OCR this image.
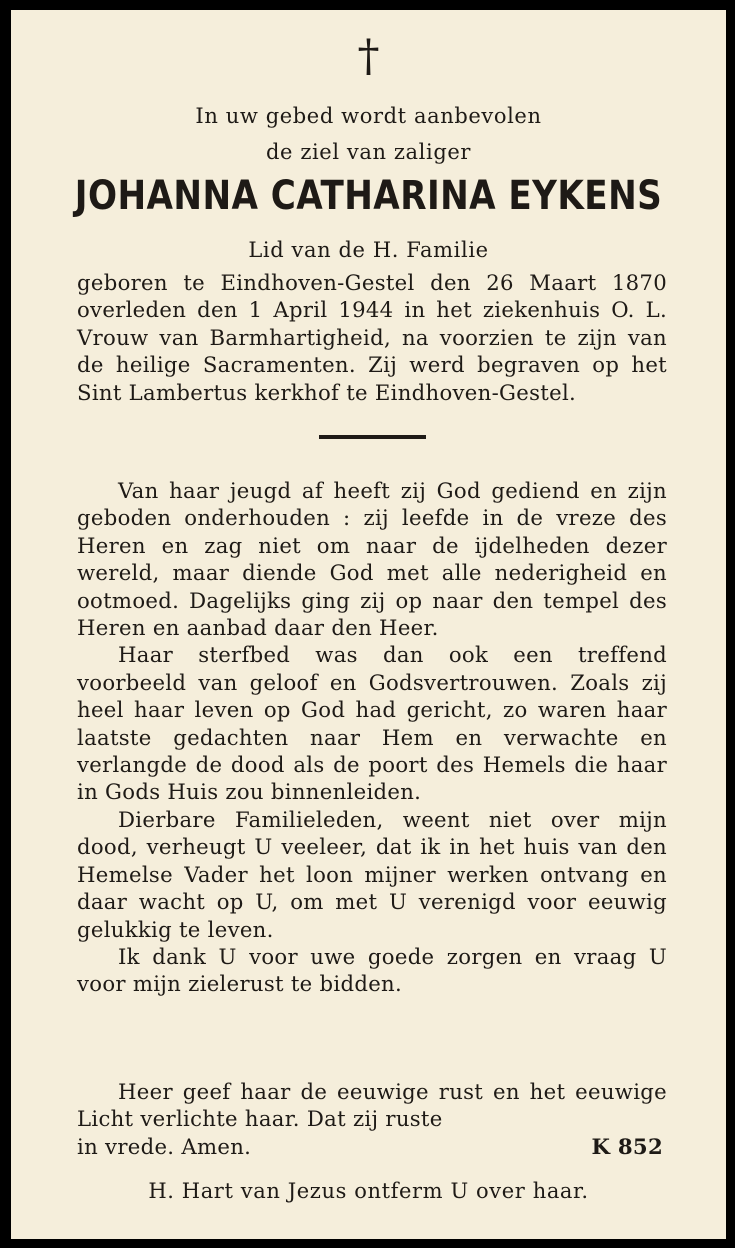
†
In uw gebed wordt aanbevolen
de ziel van zaliger
JOHANNA CATHARINA EYKENS
Lid van de H. Familie

geboren te Eindhoven-Gestel den 26 Maart 1870 overleden den 1 April 1944 in het ziekenhuis O. L. Vrouw van Barmhartigheid, na voorzien te zijn van de heilige Sacramenten. Zij werd begraven op het Sint Lambertus kerkhof te Eindhoven-Gestel.

Van haar jeugd af heeft zij God gediend en zijn geboden onderhouden : zij leefde in de vreze des Heren en zag niet om naar de ijdelheden dezer wereld, maar diende God met alle nederigheid en ootmoed. Dagelijks ging zij op naar den tempel des Heren en aanbad daar den Heer.

Haar sterfbed was dan ook een treffend voorbeeld van geloof en Godsvertrouwen. Zoals zij heel haar leven op God had gericht, zo waren haar laatste gedachten naar Hem en verwachte en verlangde de dood als de poort des Hemels die haar in Gods Huis zou binnenleiden.

Dierbare Familieleden, weent niet over mijn dood, verheugt U veeleer, dat ik in het huis van den Hemelse Vader het loon mijner werken ontvang en daar wacht op U, om met U verenigd voor eeuwig gelukkig te leven.

Ik dank U voor uwe goede zorgen en vraag U voor mijn zielerust te bidden.

Heer geef haar de eeuwige rust en het eeuwige Licht verlichte haar. Dat zij ruste

in vrede. Amen.	K 852

H. Hart van Jezus ontferm U over haar.
